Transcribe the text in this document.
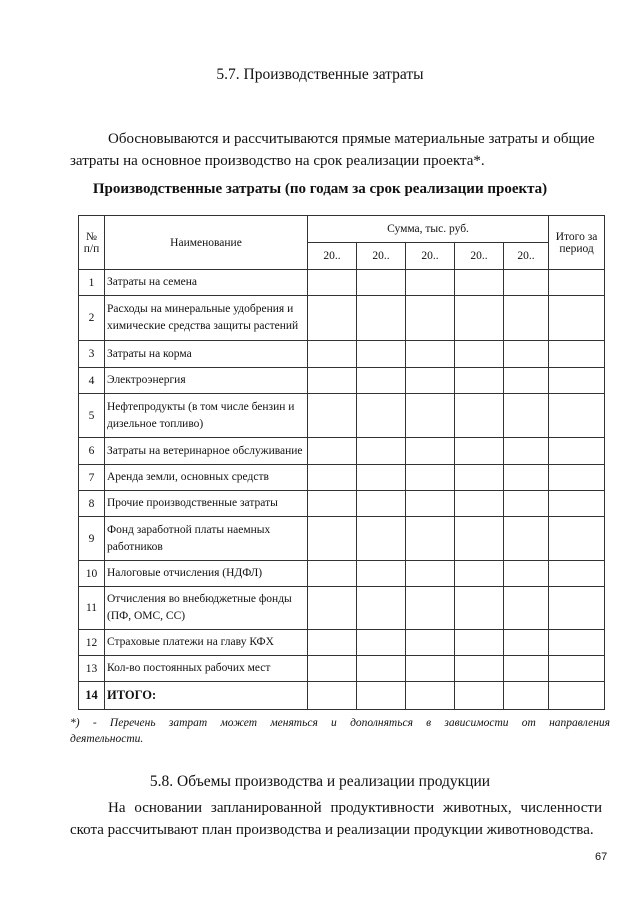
5.7. Производственные затраты
Обосновываются и рассчитываются прямые материальные затраты и общие
затраты на основное производство на срок реализации проекта*.
Производственные затраты (по годам за срок реализации проекта)
№ п/п	Наименование	Сумма, тыс. руб.					Итого за период
		20..	20..	20..	20..	20..	
1	Затраты на семена						
2	Расходы на минеральные удобрения и химические средства защиты растений						
3	Затраты на корма						
4	Электроэнергия						
5	Нефтепродукты (в том числе бензин и дизельное топливо)						
6	Затраты на ветеринарное обслуживание						
7	Аренда земли, основных средств						
8	Прочие производственные затраты						
9	Фонд заработной платы наемных работников						
10	Налоговые отчисления (НДФЛ)						
11	Отчисления во внебюджетные фонды (ПФ, ОМС, СС)						
12	Страховые платежи на главу КФХ						
13	Кол-во постоянных рабочих мест						
14	ИТОГО:						
*) - Перечень затрат может меняться и дополняться в зависимости от направления
деятельности.
5.8. Объемы производства и реализации продукции
На основании запланированной продуктивности животных, численности
скота рассчитывают план производства и реализации продукции животноводства.
67
